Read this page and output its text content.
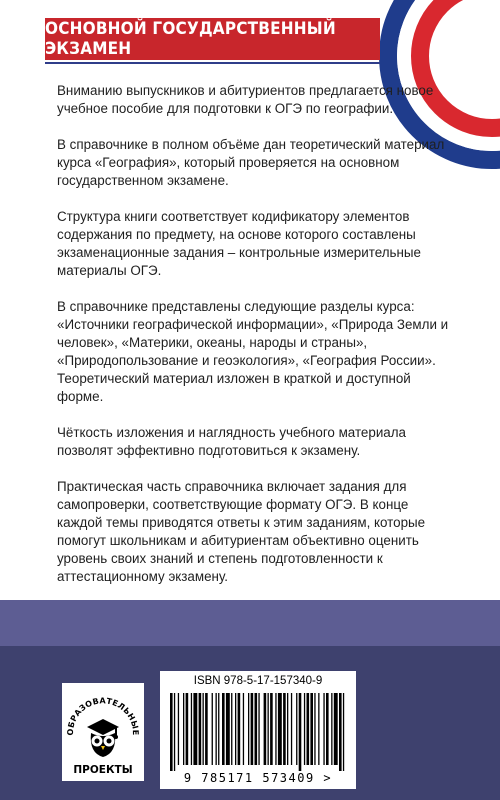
ОСНОВНОЙ ГОСУДАРСТВЕННЫЙ ЭКЗАМЕН

Вниманию выпускников и абитуриентов предлагается новое учебное пособие для подготовки к ОГЭ по географии.

В справочнике в полном объёме дан теоретический материал курса «География», который проверяется на основном государственном экзамене.

Структура книги соответствует кодификатору элементов содержания по предмету, на основе которого составлены экзаменационные задания – контрольные измерительные материалы ОГЭ.

В справочнике представлены следующие разделы курса: «Источники географической информации», «Природа Земли и человек», «Материки, океаны, народы и страны», «Природопользование и геоэкология», «География России». Теоретический материал изложен в краткой и доступной форме.

Чёткость изложения и наглядность учебного материала позволят эффективно подготовиться к экзамену.

Практическая часть справочника включает задания для самопроверки, соответствующие формату ОГЭ. В конце каждой темы приводятся ответы к этим заданиям, которые помогут школьникам и абитуриентам объективно оценить уровень своих знаний и степень подготовленности к аттестационному экзамену.

ОБРАЗОВАТЕЛЬНЫЕ
ПРОЕКТЫ
ISBN 978-5-17-157340-9
9 785171 573409 >
